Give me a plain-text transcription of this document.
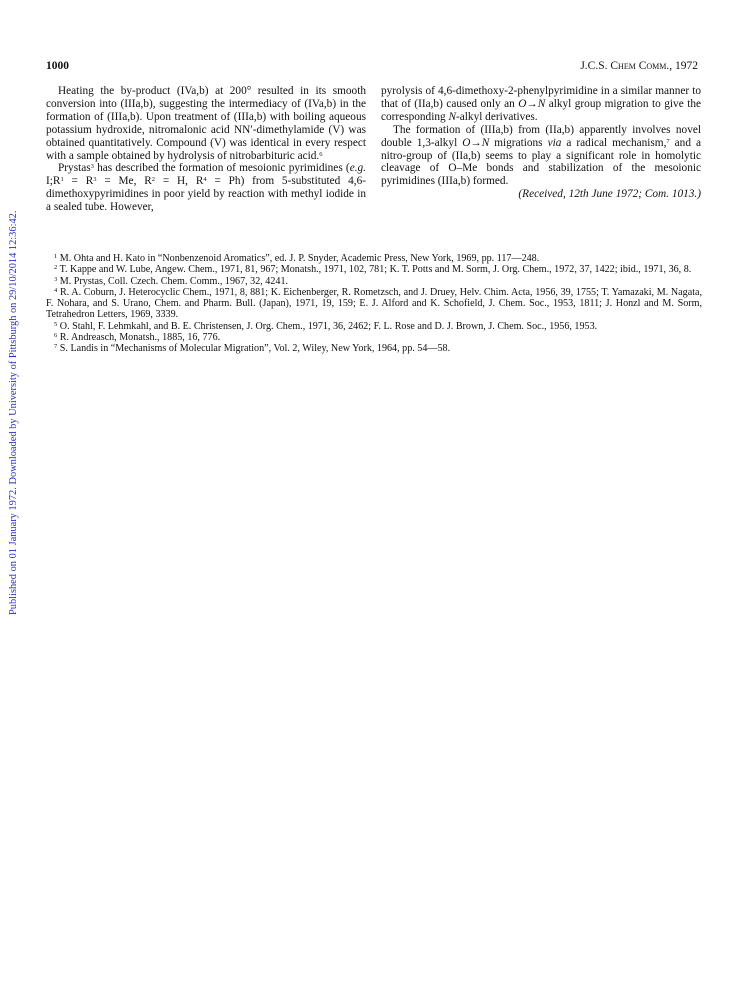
Published on 01 January 1972. Downloaded by University of Pittsburgh on 29/10/2014 12:36:42.
1000	J.C.S. Chem Comm., 1972

Heating the by-product (IVa,b) at 200° resulted in its smooth conversion into (IIIa,b), suggesting the intermediacy of (IVa,b) in the formation of (IIIa,b). Upon treatment of (IIIa,b) with boiling aqueous potassium hydroxide, nitromalonic acid NN′-dimethylamide (V) was obtained quantitatively. Compound (V) was identical in every respect with a sample obtained by hydrolysis of nitrobarbituric acid.$^6$

Prystas$^3$ has described the formation of mesoionic pyrimidines (e.g. $I;R^1 = R^3 = Me$, $R^2 = H$, $R^4 = Ph$) from 5-substituted 4,6-dimethoxypyrimidines in poor yield by reaction with methyl iodide in a sealed tube. However,

pyrolysis of 4,6-dimethoxy-2-phenylpyrimidine in a similar manner to that of (IIa,b) caused only an O→N alkyl group migration to give the corresponding N-alkyl derivatives.

The formation of (IIIa,b) from (IIa,b) apparently involves novel double 1,3-alkyl O→N migrations via a radical mechanism,$^7$ and a nitro-group of (IIa,b) seems to play a significant role in homolytic cleavage of O–Me bonds and stabilization of the mesoionic pyrimidines (IIIa,b) formed.

(Received, 12th June 1972; Com. 1013.)

$^1$ M. Ohta and H. Kato in “Nonbenzenoid Aromatics”, ed. J. P. Snyder, Academic Press, New York, 1969, pp. 117—248.
$^2$ T. Kappe and W. Lube, Angew. Chem., 1971, 81, 967; Monatsh., 1971, 102, 781; K. T. Potts and M. Sorm, J. Org. Chem., 1972, 37, 1422; ibid., 1971, 36, 8.
$^3$ M. Prystas, Coll. Czech. Chem. Comm., 1967, 32, 4241.
$^4$ R. A. Coburn, J. Heterocyclic Chem., 1971, 8, 881; K. Eichenberger, R. Rometzsch, and J. Druey, Helv. Chim. Acta, 1956, 39, 1755; T. Yamazaki, M. Nagata, F. Nohara, and S. Urano, Chem. and Pharm. Bull. (Japan), 1971, 19, 159; E. J. Alford and K. Schofield, J. Chem. Soc., 1953, 1811; J. Honzl and M. Sorm, Tetrahedron Letters, 1969, 3339.
$^5$ O. Stahl, F. Lehmkahl, and B. E. Christensen, J. Org. Chem., 1971, 36, 2462; F. L. Rose and D. J. Brown, J. Chem. Soc., 1956, 1953.
$^6$ R. Andreasch, Monatsh., 1885, 16, 776.
$^7$ S. Landis in “Mechanisms of Molecular Migration”, Vol. 2, Wiley, New York, 1964, pp. 54—58.
